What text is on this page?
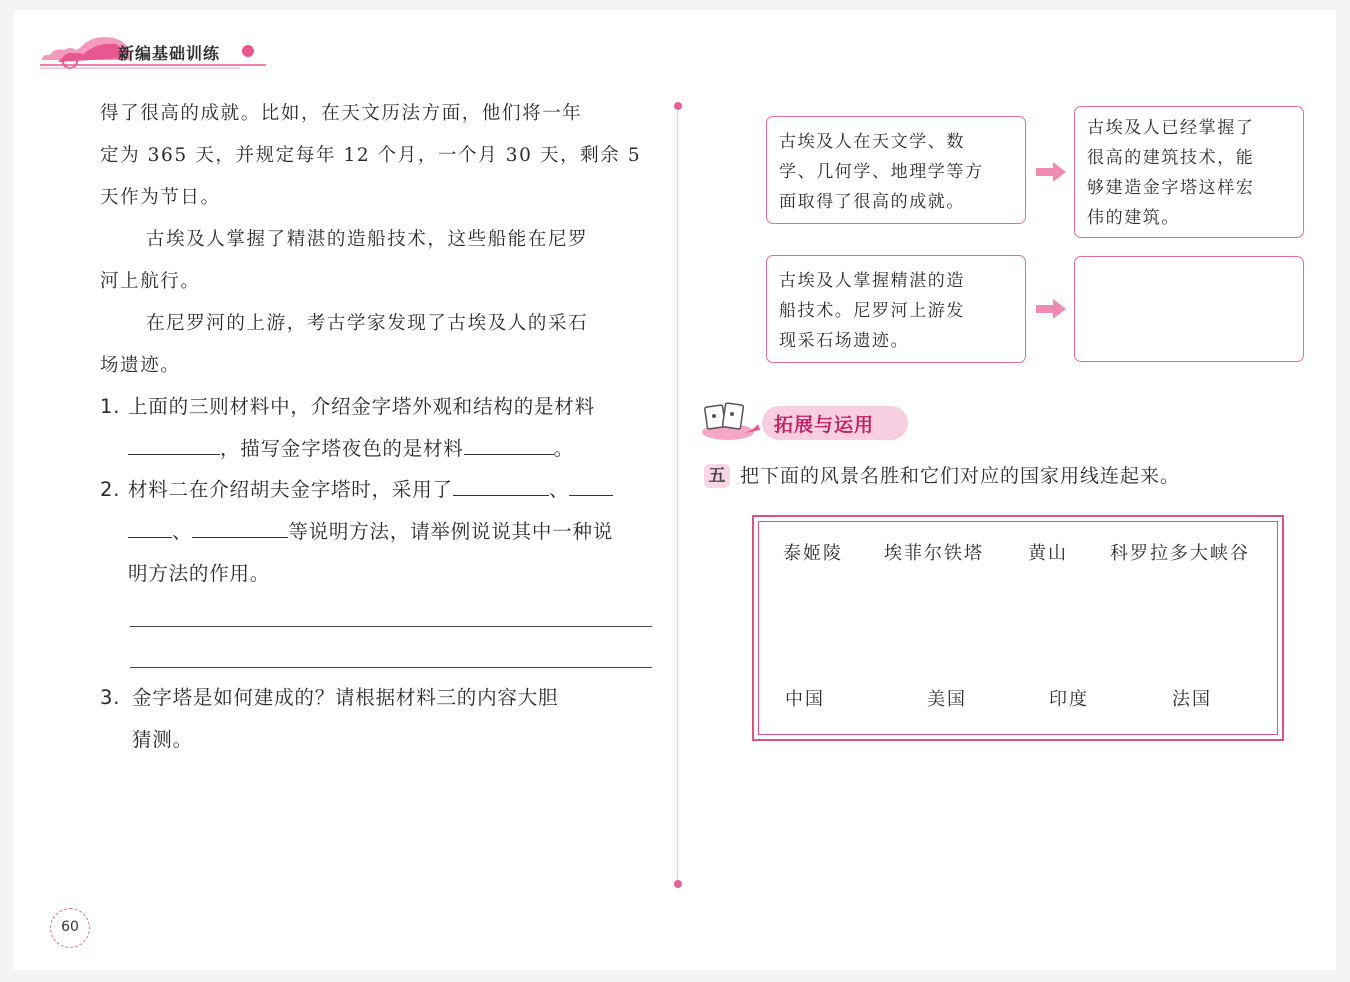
新编基础训练
得了很高的成就。比如，在天文历法方面，他们将一年
定为 365 天，并规定每年 12 个月，一个月 30 天，剩余 5
天作为节日。
古埃及人掌握了精湛的造船技术，这些船能在尼罗
河上航行。
在尼罗河的上游，考古学家发现了古埃及人的采石
场遗迹。
1. 上面的三则材料中，介绍金字塔外观和结构的是材料
，描写金字塔夜色的是材料	。
2. 材料二在介绍胡夫金字塔时，采用了	、
、	等说明方法，请举例说说其中一种说
明方法的作用。
3. 金字塔是如何建成的？请根据材料三的内容大胆
猜测。
古埃及人在天文学、数
学、几何学、地理学等方
面取得了很高的成就。
古埃及人已经掌握了
很高的建筑技术，能
够建造金字塔这样宏
伟的建筑。
古埃及人掌握精湛的造
船技术。尼罗河上游发
现采石场遗迹。
拓展与运用
五 把下面的风景名胜和它们对应的国家用线连起来。
泰姬陵 埃菲尔铁塔 黄山 科罗拉多大峡谷
中国	美国	印度	法国
60
